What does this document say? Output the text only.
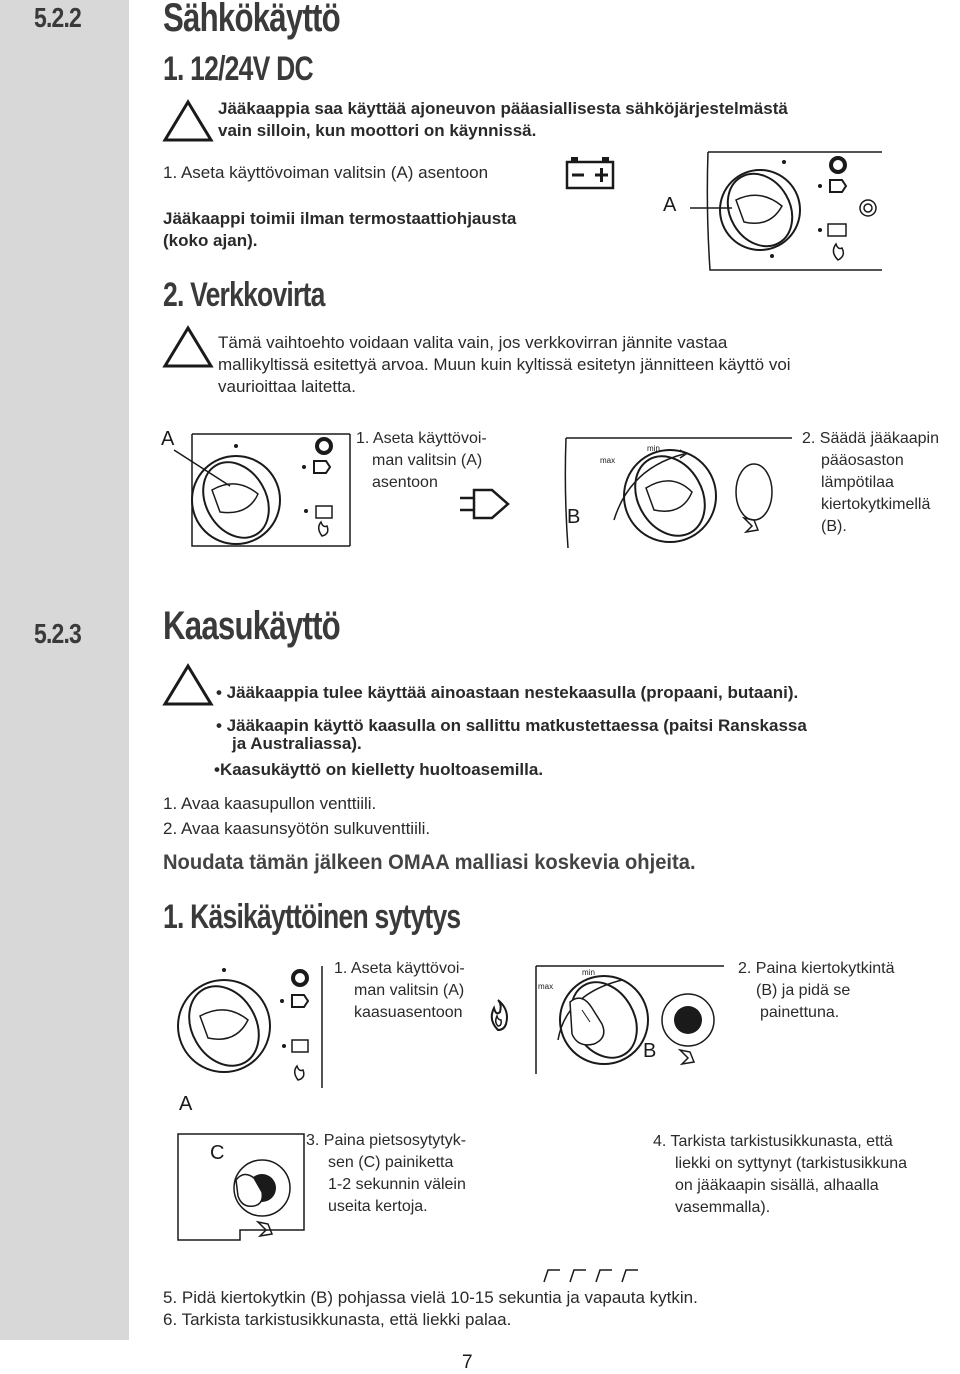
5.2.2 Sähkökäyttö
1. 12/24V DC
Jääkaappia saa käyttää ajoneuvon pääasiallisesta sähköjärjestelmästä
vain silloin, kun moottori on käynnissä.
1. Aseta käyttövoiman valitsin (A) asentoon
Jääkaappi toimii ilman termostaattiohjausta
(koko ajan).
A
2. Verkkovirta
Tämä vaihtoehto voidaan valita vain, jos verkkovirran jännite vastaa
mallikyltissä esitettyä arvoa. Muun kuin kyltissä esitetyn jännitteen käyttö voi
vaurioittaa laitetta.
A	1. Aseta käyttövoi-
man valitsin (A)
asentoon
max
min
B
2. Säädä jääkaapin
pääosaston
lämpötilaa
kiertokytkimellä
(B).
5.2.3 Kaasukäyttö
• Jääkaappia tulee käyttää ainoastaan nestekaasulla (propaani, butaani).
• Jääkaapin käyttö kaasulla on sallittu matkustettaessa (paitsi Ranskassa
ja Australiassa).
•Kaasukäyttö on kielletty huoltoasemilla.
1. Avaa kaasupullon venttiili.
2. Avaa kaasunsyötön sulkuventtiili.
Noudata tämän jälkeen OMAA malliasi koskevia ohjeita.
1. Käsikäyttöinen sytytys
A
1. Aseta käyttövoi-
man valitsin (A)
kaasuasentoon
max
min
B
2. Paina kiertokytkintä
(B) ja pidä se
painettuna.
C
3. Paina pietsosytytyk-
sen (C) painiketta
1-2 sekunnin välein
useita kertoja.
4. Tarkista tarkistusikkunasta, että
liekki on syttynyt (tarkistusikkuna
on jääkaapin sisällä, alhaalla
vasemmalla).
5. Pidä kiertokytkin (B) pohjassa vielä 10-15 sekuntia ja vapauta kytkin.
6. Tarkista tarkistusikkunasta, että liekki palaa.
7
